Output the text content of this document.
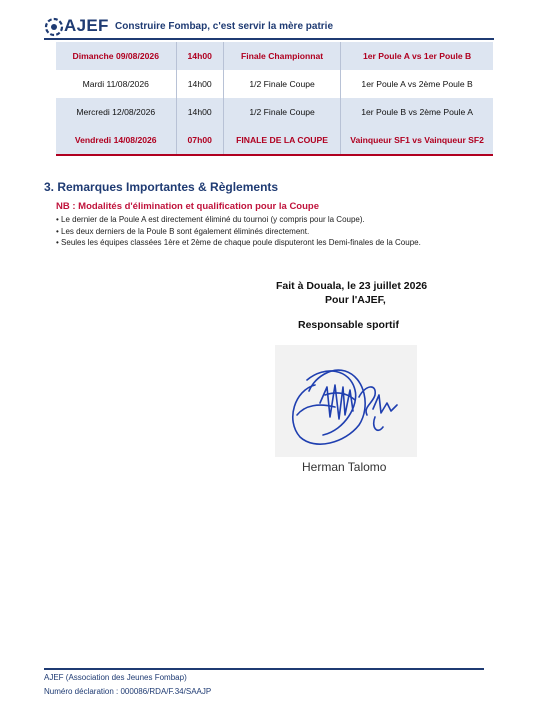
AJEF Construire Fombap, c'est servir la mère patrie
Dimanche 09/08/2026	14h00	Finale Championnat	1er Poule A vs 1er Poule B
Mardi 11/08/2026	14h00	1/2 Finale Coupe	1er Poule A vs 2ème Poule B
Mercredi 12/08/2026	14h00	1/2 Finale Coupe	1er Poule B vs 2ème Poule A
Vendredi 14/08/2026	07h00	FINALE DE LA COUPE	Vainqueur SF1 vs Vainqueur SF2
3. Remarques Importantes & Règlements
NB : Modalités d'élimination et qualification pour la Coupe
• Le dernier de la Poule A est directement éliminé du tournoi (y compris pour la Coupe).
• Les deux derniers de la Poule B sont également éliminés directement.
• Seules les équipes classées 1ère et 2ème de chaque poule disputeront les Demi-finales de la Coupe.
Fait à Douala, le 23 juillet 2026
Pour l'AJEF,
Responsable sportif
Herman Talomo
AJEF (Association des Jeunes Fombap)
Numéro déclaration : 000086/RDA/F.34/SAAJP
